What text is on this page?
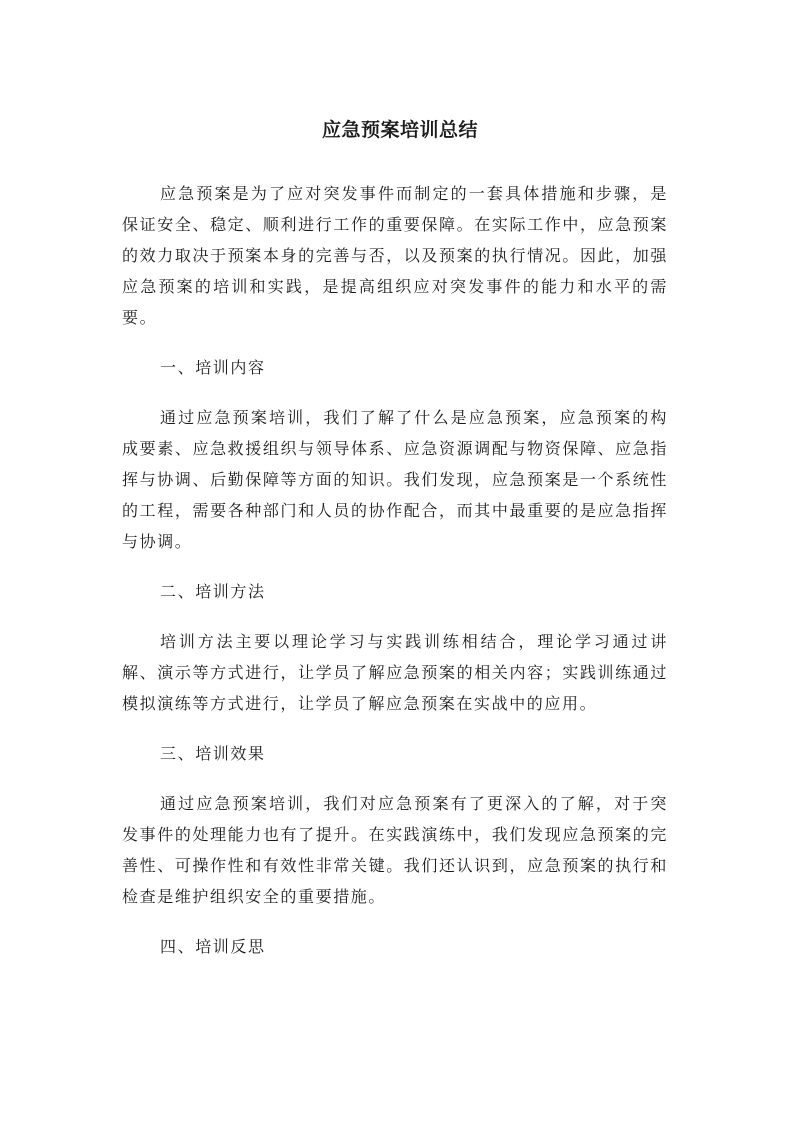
应急预案培训总结

应急预案是为了应对突发事件而制定的一套具体措施和步骤，是保证安全、稳定、顺利进行工作的重要保障。在实际工作中，应急预案的效力取决于预案本身的完善与否，以及预案的执行情况。因此，加强应急预案的培训和实践，是提高组织应对突发事件的能力和水平的需要。

一、培训内容

通过应急预案培训，我们了解了什么是应急预案，应急预案的构成要素、应急救援组织与领导体系、应急资源调配与物资保障、应急指挥与协调、后勤保障等方面的知识。我们发现，应急预案是一个系统性的工程，需要各种部门和人员的协作配合，而其中最重要的是应急指挥与协调。

二、培训方法

培训方法主要以理论学习与实践训练相结合，理论学习通过讲解、演示等方式进行，让学员了解应急预案的相关内容；实践训练通过模拟演练等方式进行，让学员了解应急预案在实战中的应用。

三、培训效果

通过应急预案培训，我们对应急预案有了更深入的了解，对于突发事件的处理能力也有了提升。在实践演练中，我们发现应急预案的完善性、可操作性和有效性非常关键。我们还认识到，应急预案的执行和检查是维护组织安全的重要措施。

四、培训反思
